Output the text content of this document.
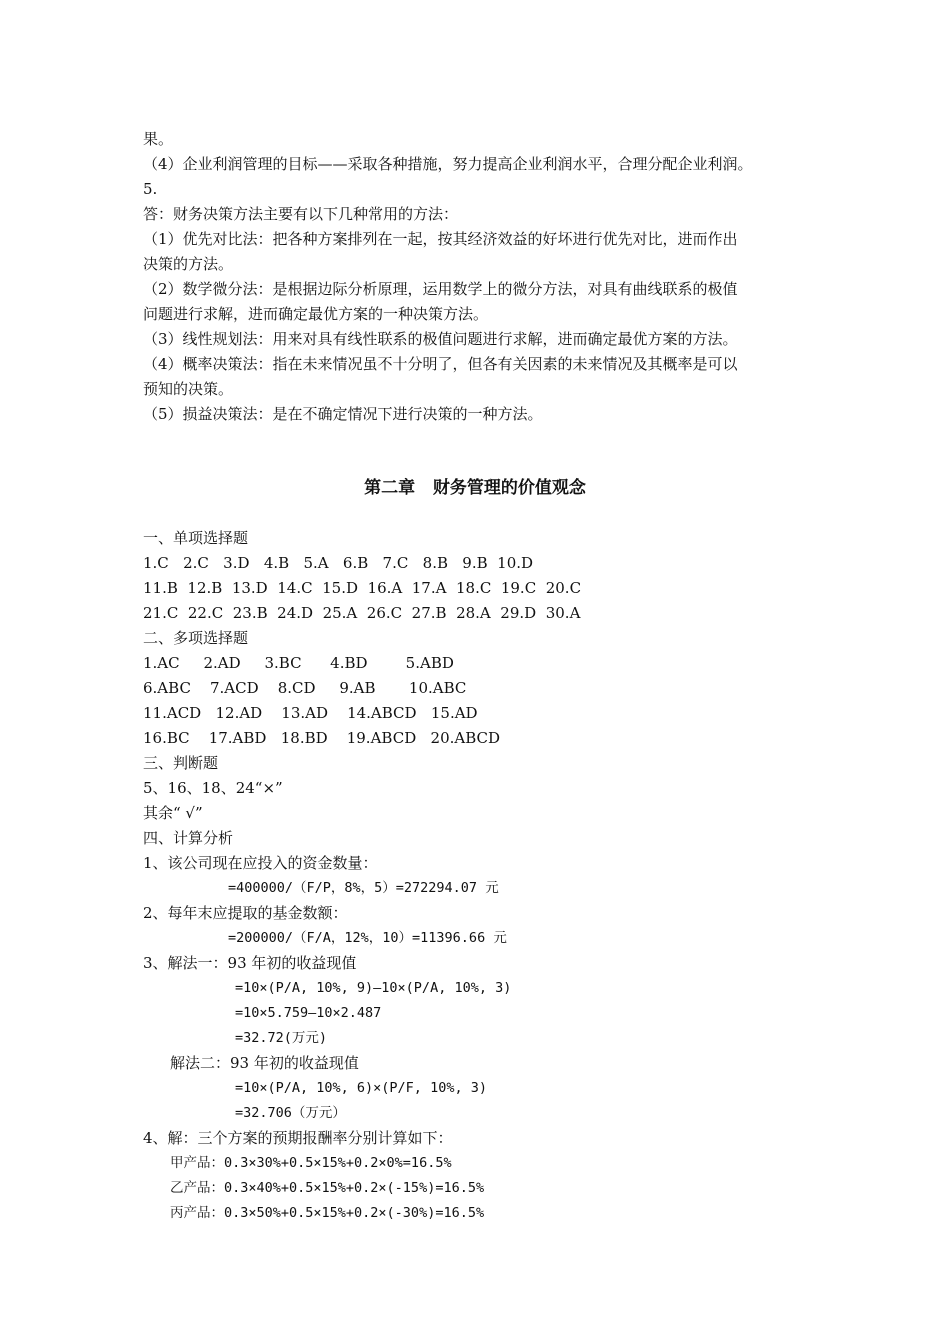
果。
（4）企业利润管理的目标——采取各种措施，努力提高企业利润水平，合理分配企业利润。
5.
答：财务决策方法主要有以下几种常用的方法：
（1）优先对比法：把各种方案排列在一起，按其经济效益的好坏进行优先对比，进而作出
决策的方法。
（2）数学微分法：是根据边际分析原理，运用数学上的微分方法，对具有曲线联系的极值
问题进行求解，进而确定最优方案的一种决策方法。
（3）线性规划法：用来对具有线性联系的极值问题进行求解，进而确定最优方案的方法。
（4）概率决策法：指在未来情况虽不十分明了，但各有关因素的未来情况及其概率是可以
预知的决策。
（5）损益决策法：是在不确定情况下进行决策的一种方法。
第二章   财务管理的价值观念
一、单项选择题
1.C   2.C   3.D   4.B   5.A   6.B   7.C   8.B   9.B  10.D
11.B  12.B  13.D  14.C  15.D  16.A  17.A  18.C  19.C  20.C
21.C  22.C  23.B  24.D  25.A  26.C  27.B  28.A  29.D  30.A
二、多项选择题
1.AC     2.AD     3.BC      4.BD        5.ABD
6.ABC    7.ACD    8.CD     9.AB       10.ABC
11.ACD   12.AD    13.AD    14.ABCD   15.AD
16.BC    17.ABD   18.BD    19.ABCD   20.ABCD
三、判断题
5、16、18、24“×”
其余“ √”
四、计算分析
1、该公司现在应投入的资金数量：
=400000/（F/P，8%，5）=272294.07 元
2、每年末应提取的基金数额：
=200000/（F/A，12%，10）=11396.66 元
3、解法一：93 年初的收益现值
=10×(P/A, 10%, 9)—10×(P/A, 10%, 3)
=10×5.759—10×2.487
=32.72(万元)
解法二：93 年初的收益现值
=10×(P/A, 10%, 6)×(P/F, 10%, 3)
=32.706（万元）
4、解：三个方案的预期报酬率分别计算如下：
甲产品：0.3×30%+0.5×15%+0.2×0%=16.5%
乙产品：0.3×40%+0.5×15%+0.2×(-15%)=16.5%
丙产品：0.3×50%+0.5×15%+0.2×(-30%)=16.5%
